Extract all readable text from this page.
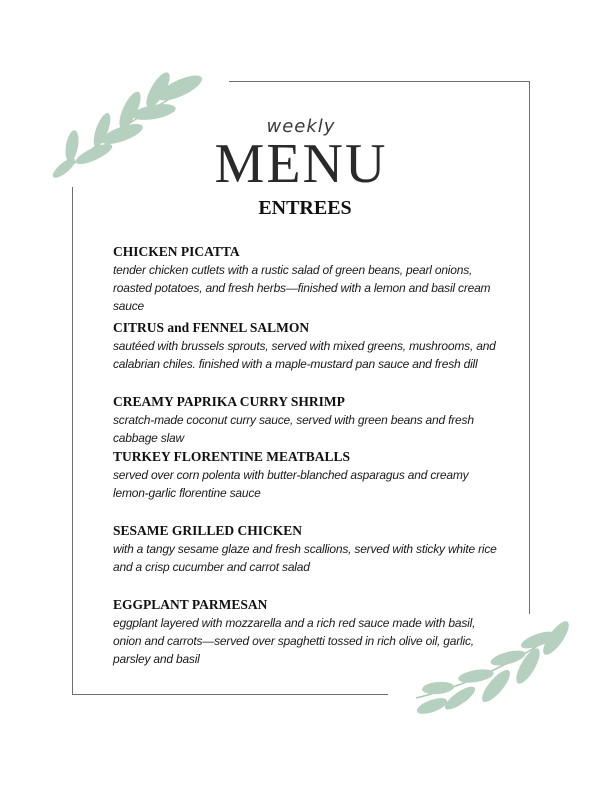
weekly
MENU
ENTREES
CHICKEN PICATTA
tender chicken cutlets with a rustic salad of green beans, pearl onions, roasted potatoes, and fresh herbs—finished with a lemon and basil cream sauce
CITRUS and FENNEL SALMON
sautéed with brussels sprouts, served with mixed greens, mushrooms, and calabrian chiles. finished with a maple-mustard pan sauce and fresh dill
CREAMY PAPRIKA CURRY SHRIMP
scratch-made coconut curry sauce, served with green beans and fresh cabbage slaw
TURKEY FLORENTINE MEATBALLS
served over corn polenta with butter-blanched asparagus and creamy lemon-garlic florentine sauce
SESAME GRILLED CHICKEN
with a tangy sesame glaze and fresh scallions, served with sticky white rice and a crisp cucumber and carrot salad
EGGPLANT PARMESAN
eggplant layered with mozzarella and a rich red sauce made with basil, onion and carrots—served over spaghetti tossed in rich olive oil, garlic, parsley and basil
